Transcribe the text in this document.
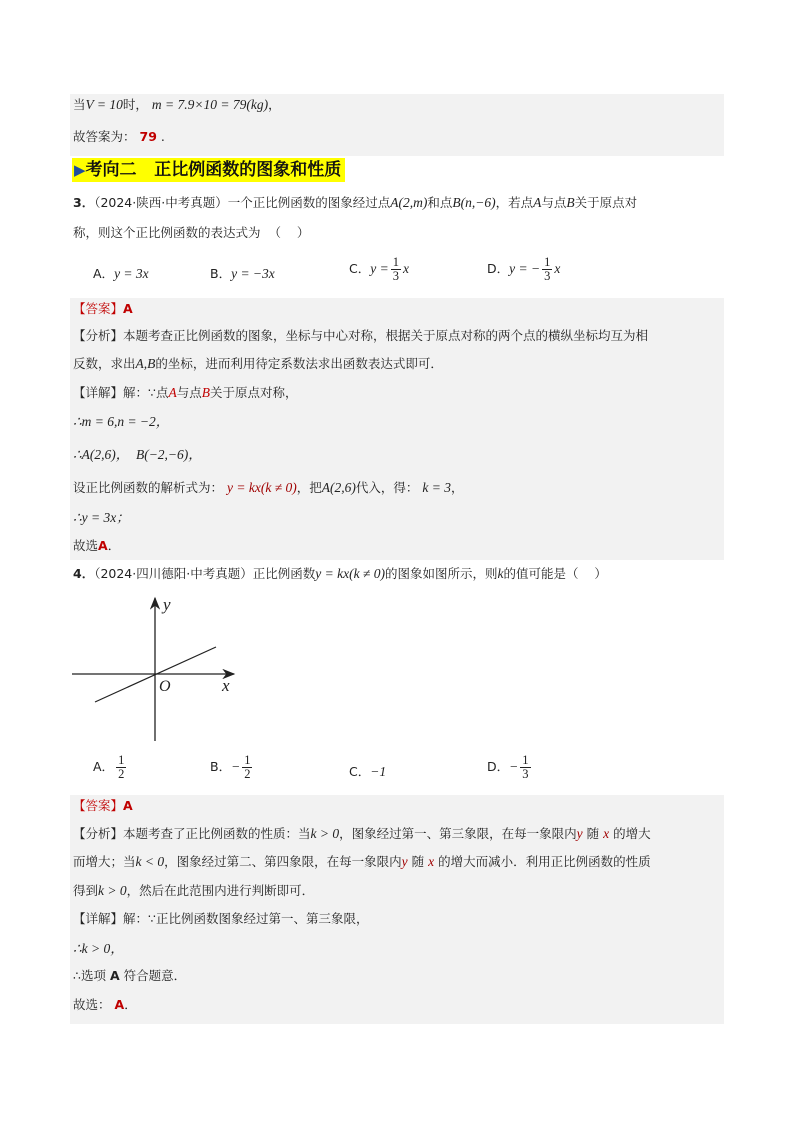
当V = 10时， m = 7.9×10 = 79(kg)，
故答案为： 79 .
▶考向二   正比例函数的图象和性质
3．（2024·陕西·中考真题）一个正比例函数的图象经过点A(2,m)和点B(n,−6)，若点A与点B关于原点对
称，则这个正比例函数的表达式为  （    ）
A．y = 3x	B．y = −3x	C．$y = \frac{1}{3}$ x	D．y = − $\frac{1}{3}$ x
【答案】A
【分析】本题考查正比例函数的图象，坐标与中心对称，根据关于原点对称的两个点的横纵坐标均互为相
反数，求出A,B的坐标，进而利用待定系数法求出函数表达式即可．
【详解】解：∵点A与点B关于原点对称，
∴m = 6,n = −2，
∴A(2,6)，  B(−2,−6)，
设正比例函数的解析式为： y = kx(k ≠ 0)，把A(2,6)代入，得： k = 3，
∴y = 3x；
故选A．
4．（2024·四川德阳·中考真题）正比例函数y = kx(k ≠ 0)的图象如图所示，则k的值可能是（    ）
y
x
O
A． $\frac{1}{2}$	B．− $\frac{1}{2}$	C．−1	D．− $\frac{1}{3}$
【答案】A
【分析】本题考查了正比例函数的性质：当k > 0，图象经过第一、第三象限，在每一象限内y 随 x 的增大
而增大；当k < 0，图象经过第二、第四象限，在每一象限内y 随 x 的增大而减小．利用正比例函数的性质
得到k > 0，然后在此范围内进行判断即可．
【详解】解：∵正比例函数图象经过第一、第三象限，
∴k > 0，
∴选项 A 符合题意．
故选： A．
